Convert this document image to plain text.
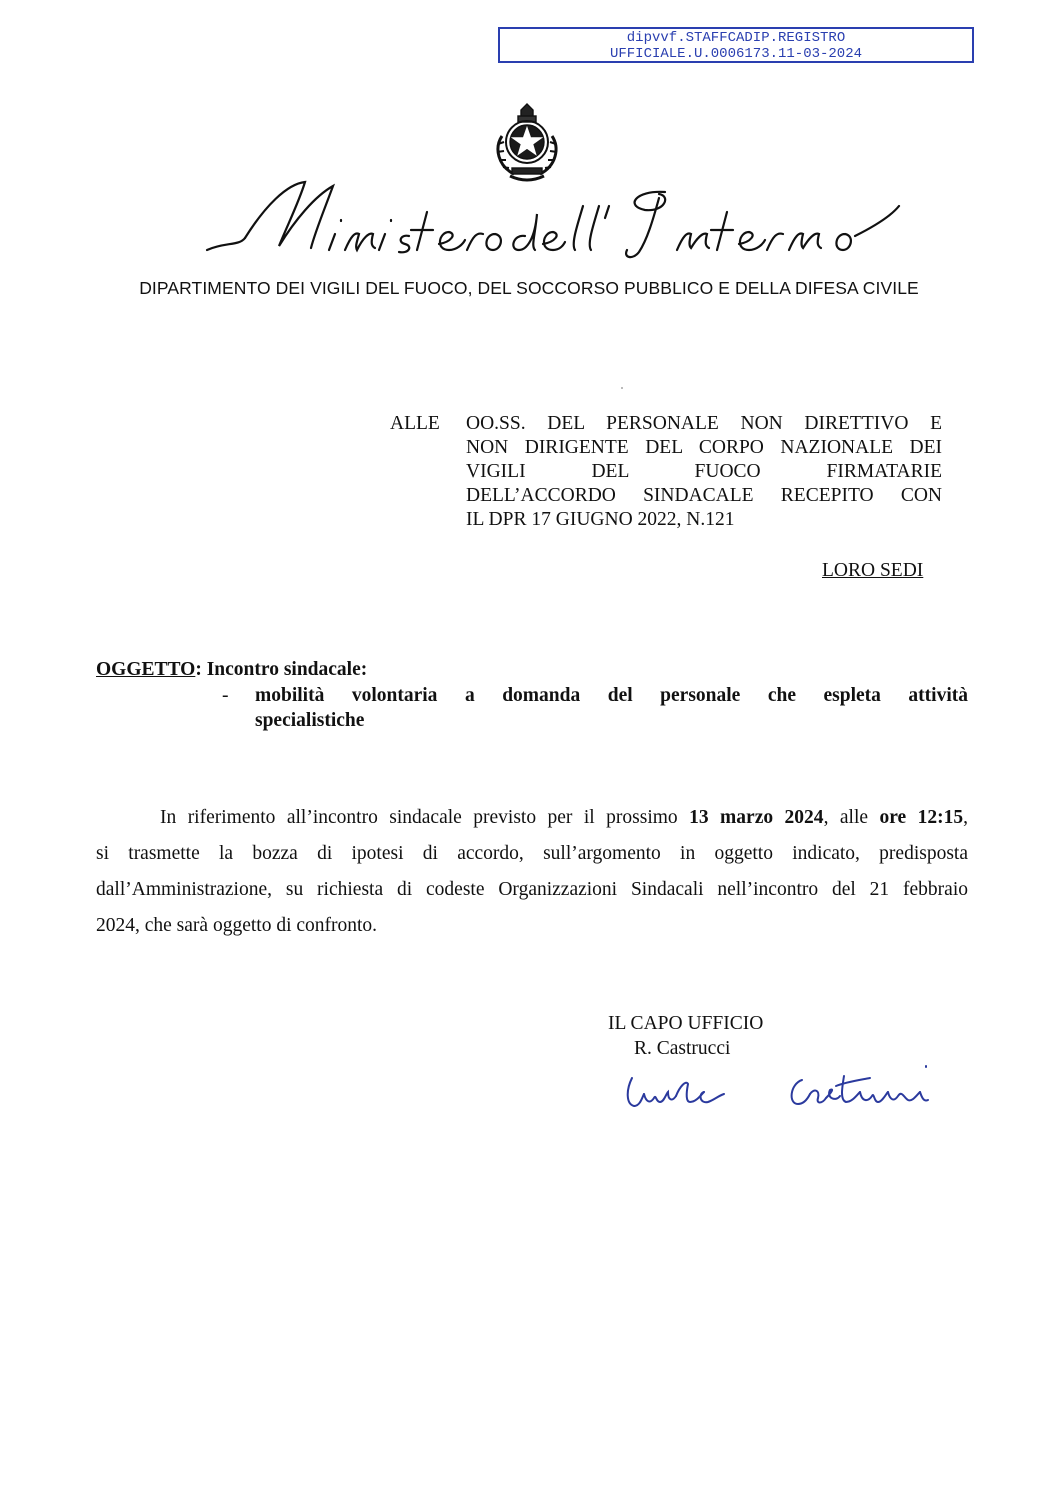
dipvvf.STAFFCADIP.REGISTRO
UFFICIALE.U.0006173.11-03-2024
DIPARTIMENTO DEI VIGILI DEL FUOCO, DEL SOCCORSO PUBBLICO E DELLA DIFESA CIVILE
ALLE OO.SS. DEL PERSONALE NON DIRETTIVO E
NON DIRIGENTE DEL CORPO NAZIONALE DEI
VIGILI DEL FUOCO FIRMATARIE
DELL’ACCORDO SINDACALE RECEPITO CON
IL DPR 17 GIUGNO 2022, N.121
LORO SEDI
OGGETTO: Incontro sindacale:
- mobilità volontaria a domanda del personale che espleta attività
specialistiche
In riferimento all’incontro sindacale previsto per il prossimo 13 marzo 2024, alle ore 12:15,
si trasmette la bozza di ipotesi di accordo, sull’argomento in oggetto indicato, predisposta
dall’Amministrazione, su richiesta di codeste Organizzazioni Sindacali nell’incontro del 21 febbraio
2024, che sarà oggetto di confronto.
IL CAPO UFFICIO
R. Castrucci
